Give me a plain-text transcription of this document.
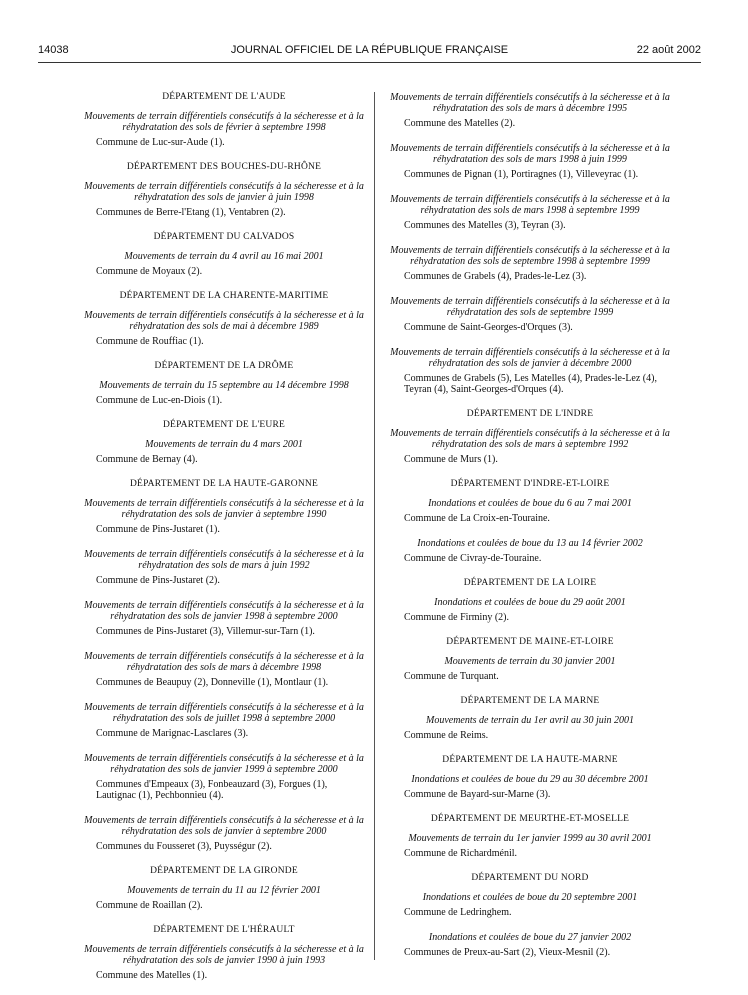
14038	JOURNAL OFFICIEL DE LA RÉPUBLIQUE FRANÇAISE	22 août 2002
DÉPARTEMENT DE L'AUDE
Mouvements de terrain différentiels consécutifs à la sécheresse et à la réhydratation des sols de février à septembre 1998
Commune de Luc-sur-Aude (1).
DÉPARTEMENT DES BOUCHES-DU-RHÔNE
Mouvements de terrain différentiels consécutifs à la sécheresse et à la réhydratation des sols de janvier à juin 1998
Communes de Berre-l'Etang (1), Ventabren (2).
DÉPARTEMENT DU CALVADOS
Mouvements de terrain du 4 avril au 16 mai 2001
Commune de Moyaux (2).
DÉPARTEMENT DE LA CHARENTE-MARITIME
Mouvements de terrain différentiels consécutifs à la sécheresse et à la réhydratation des sols de mai à décembre 1989
Commune de Rouffiac (1).
DÉPARTEMENT DE LA DRÔME
Mouvements de terrain du 15 septembre au 14 décembre 1998
Commune de Luc-en-Diois (1).
DÉPARTEMENT DE L'EURE
Mouvements de terrain du 4 mars 2001
Commune de Bernay (4).
DÉPARTEMENT DE LA HAUTE-GARONNE
Mouvements de terrain différentiels consécutifs à la sécheresse et à la réhydratation des sols de janvier à septembre 1990
Commune de Pins-Justaret (1).
Mouvements de terrain différentiels consécutifs à la sécheresse et à la réhydratation des sols de mars à juin 1992
Commune de Pins-Justaret (2).
Mouvements de terrain différentiels consécutifs à la sécheresse et à la réhydratation des sols de janvier 1998 à septembre 2000
Communes de Pins-Justaret (3), Villemur-sur-Tarn (1).
Mouvements de terrain différentiels consécutifs à la sécheresse et à la réhydratation des sols de mars à décembre 1998
Communes de Beaupuy (2), Donneville (1), Montlaur (1).
Mouvements de terrain différentiels consécutifs à la sécheresse et à la réhydratation des sols de juillet 1998 à septembre 2000
Commune de Marignac-Lasclares (3).
Mouvements de terrain différentiels consécutifs à la sécheresse et à la réhydratation des sols de janvier 1999 à septembre 2000
Communes d'Empeaux (3), Fonbeauzard (3), Forgues (1), Lautignac (1), Pechbonnieu (4).
Mouvements de terrain différentiels consécutifs à la sécheresse et à la réhydratation des sols de janvier à septembre 2000
Communes du Fousseret (3), Puysségur (2).
DÉPARTEMENT DE LA GIRONDE
Mouvements de terrain du 11 au 12 février 2001
Commune de Roaillan (2).
DÉPARTEMENT DE L'HÉRAULT
Mouvements de terrain différentiels consécutifs à la sécheresse et à la réhydratation des sols de janvier 1990 à juin 1993
Commune des Matelles (1).
Mouvements de terrain différentiels consécutifs à la sécheresse et à la réhydratation des sols de mars à décembre 1995
Commune des Matelles (2).
Mouvements de terrain différentiels consécutifs à la sécheresse et à la réhydratation des sols de mars 1998 à juin 1999
Communes de Pignan (1), Portiragnes (1), Villeveyrac (1).
Mouvements de terrain différentiels consécutifs à la sécheresse et à la réhydratation des sols de mars 1998 à septembre 1999
Communes des Matelles (3), Teyran (3).
Mouvements de terrain différentiels consécutifs à la sécheresse et à la réhydratation des sols de septembre 1998 à septembre 1999
Communes de Grabels (4), Prades-le-Lez (3).
Mouvements de terrain différentiels consécutifs à la sécheresse et à la réhydratation des sols de septembre 1999
Commune de Saint-Georges-d'Orques (3).
Mouvements de terrain différentiels consécutifs à la sécheresse et à la réhydratation des sols de janvier à décembre 2000
Communes de Grabels (5), Les Matelles (4), Prades-le-Lez (4), Teyran (4), Saint-Georges-d'Orques (4).
DÉPARTEMENT DE L'INDRE
Mouvements de terrain différentiels consécutifs à la sécheresse et à la réhydratation des sols de mars à septembre 1992
Commune de Murs (1).
DÉPARTEMENT D'INDRE-ET-LOIRE
Inondations et coulées de boue du 6 au 7 mai 2001
Commune de La Croix-en-Touraine.
Inondations et coulées de boue du 13 au 14 février 2002
Commune de Civray-de-Touraine.
DÉPARTEMENT DE LA LOIRE
Inondations et coulées de boue du 29 août 2001
Commune de Firminy (2).
DÉPARTEMENT DE MAINE-ET-LOIRE
Mouvements de terrain du 30 janvier 2001
Commune de Turquant.
DÉPARTEMENT DE LA MARNE
Mouvements de terrain du 1er avril au 30 juin 2001
Commune de Reims.
DÉPARTEMENT DE LA HAUTE-MARNE
Inondations et coulées de boue du 29 au 30 décembre 2001
Commune de Bayard-sur-Marne (3).
DÉPARTEMENT DE MEURTHE-ET-MOSELLE
Mouvements de terrain du 1er janvier 1999 au 30 avril 2001
Commune de Richardménil.
DÉPARTEMENT DU NORD
Inondations et coulées de boue du 20 septembre 2001
Commune de Ledringhem.
Inondations et coulées de boue du 27 janvier 2002
Communes de Preux-au-Sart (2), Vieux-Mesnil (2).
